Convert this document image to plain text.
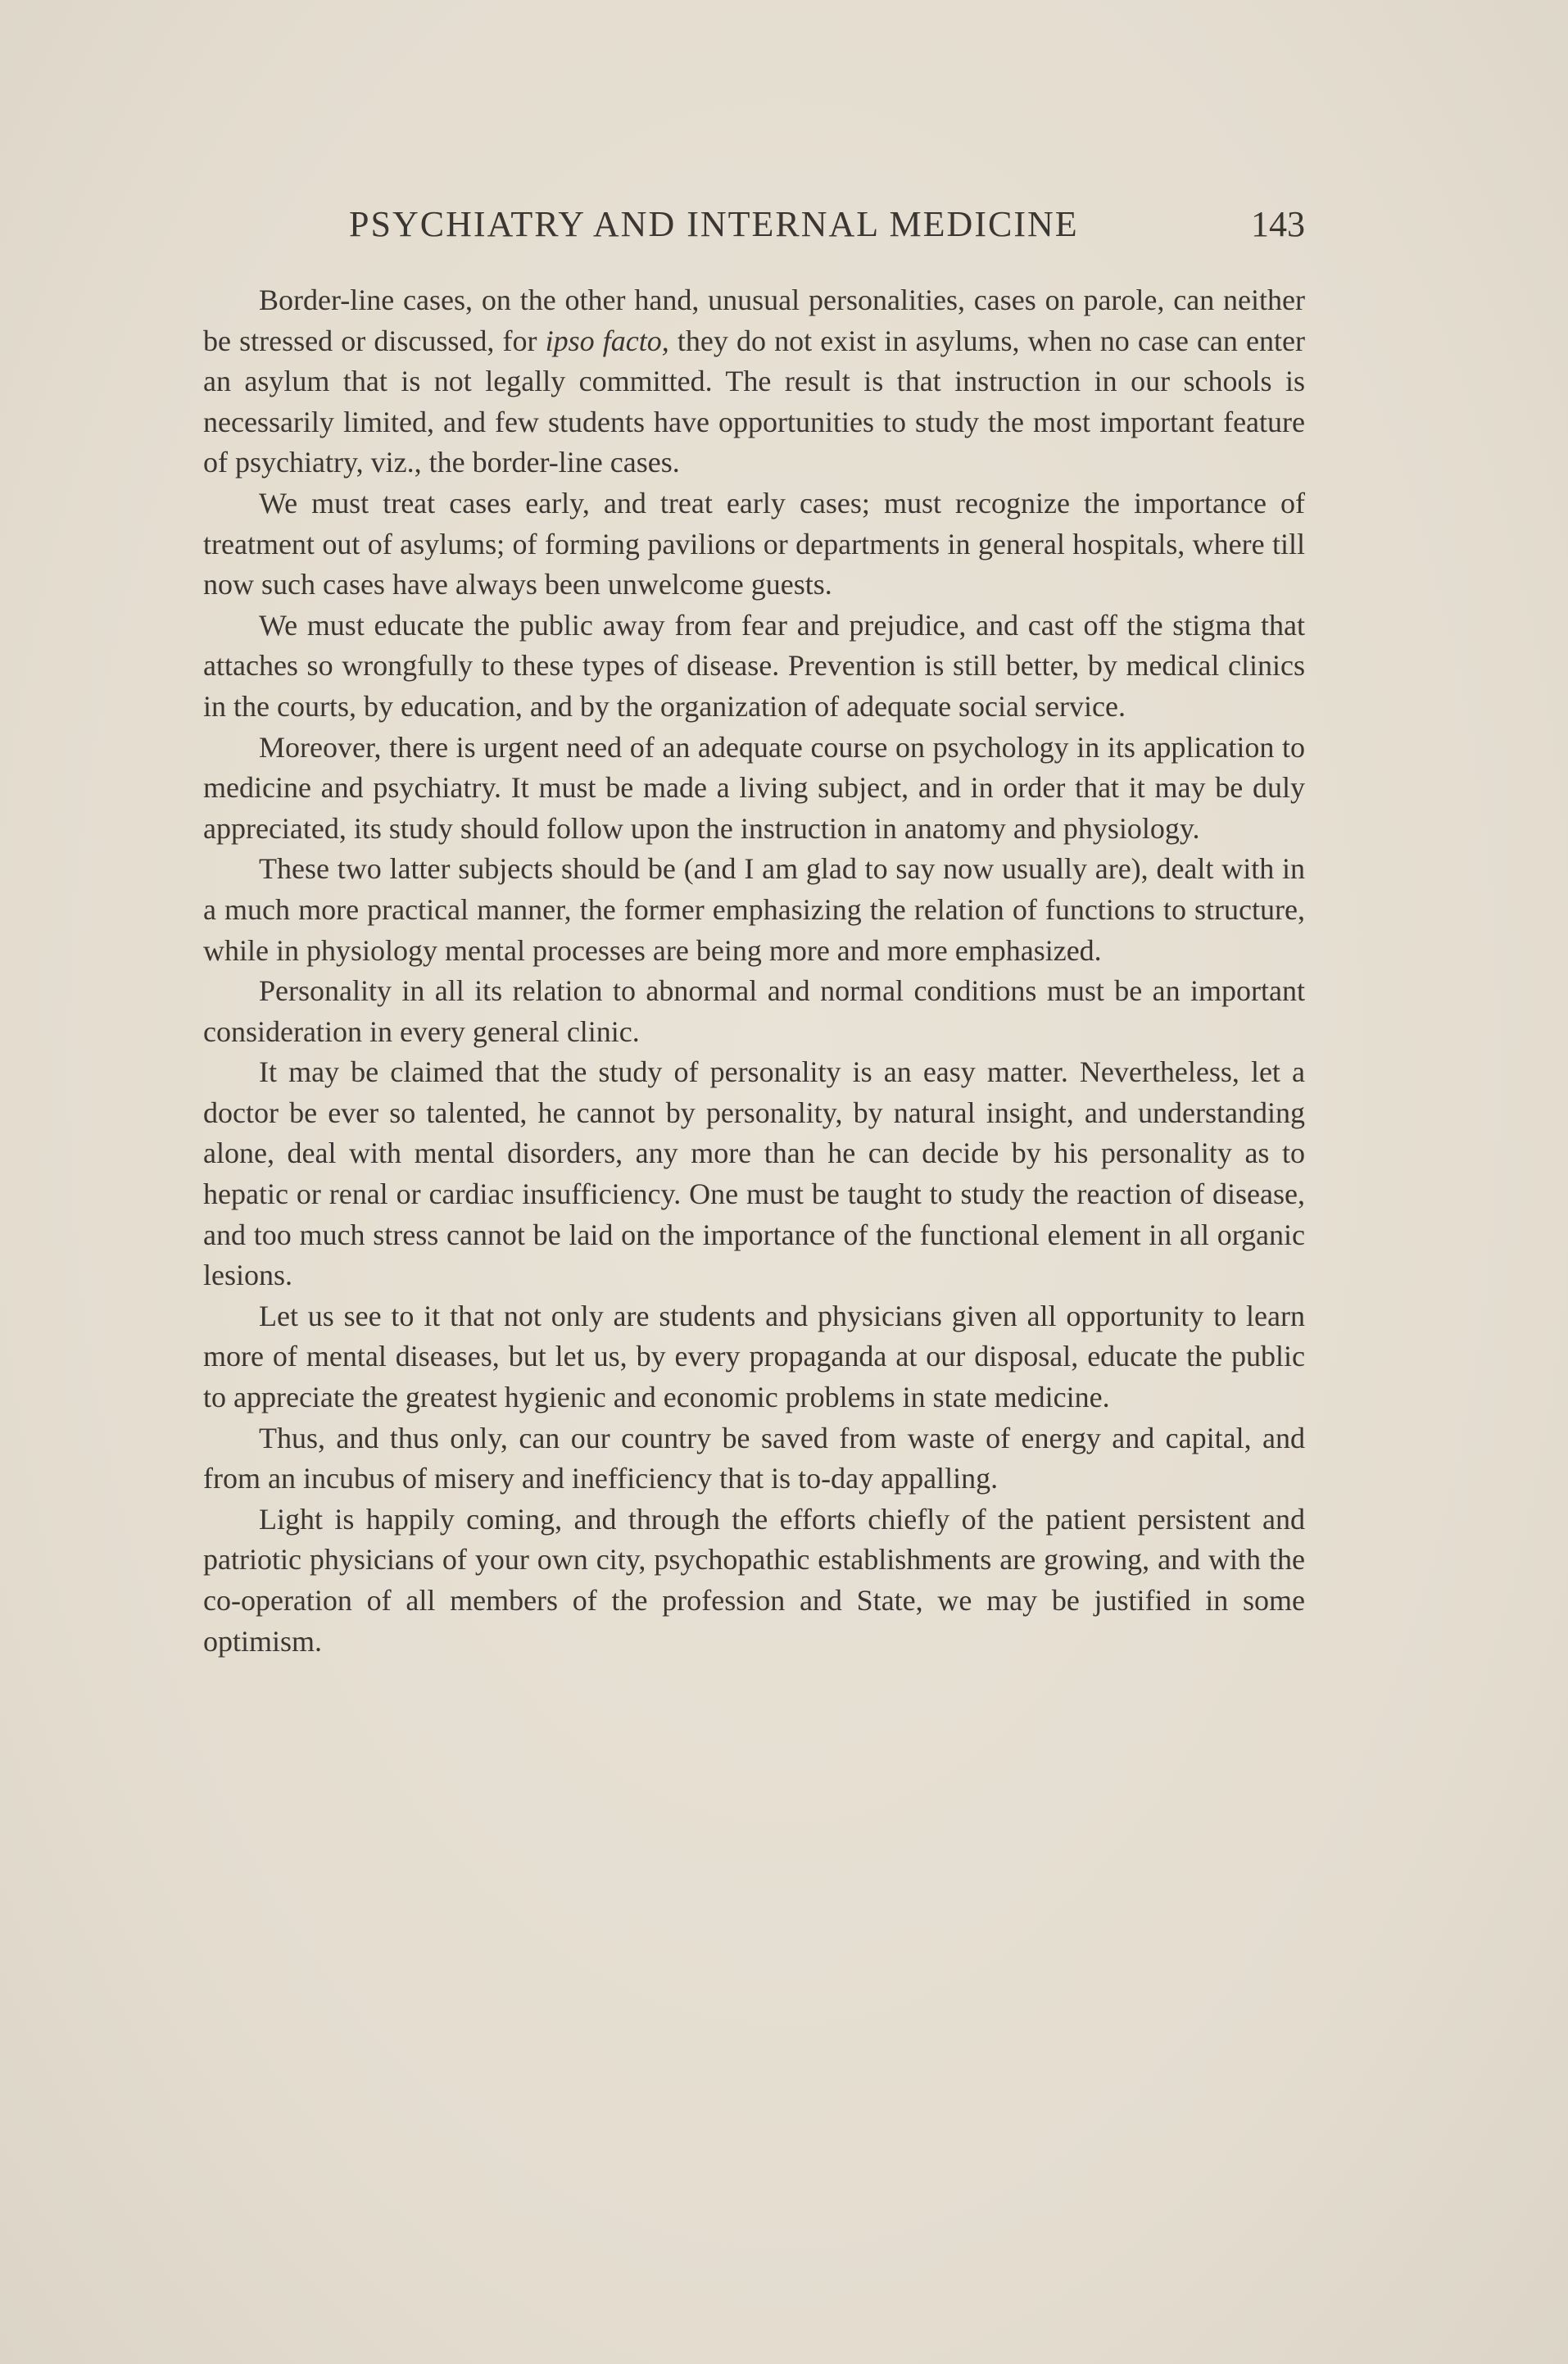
PSYCHIATRY AND INTERNAL MEDICINE	143

Border-line cases, on the other hand, unusual personalities, cases on parole, can neither be stressed or discussed, for ipso facto, they do not exist in asylums, when no case can enter an asylum that is not legally committed. The result is that instruction in our schools is necessarily limited, and few students have opportunities to study the most important feature of psychiatry, viz., the border-line cases.

We must treat cases early, and treat early cases; must recognize the importance of treatment out of asylums; of forming pavilions or departments in general hospitals, where till now such cases have always been unwelcome guests.

We must educate the public away from fear and prejudice, and cast off the stigma that attaches so wrongfully to these types of disease. Prevention is still better, by medical clinics in the courts, by education, and by the organization of adequate social service.

Moreover, there is urgent need of an adequate course on psychology in its application to medicine and psychiatry. It must be made a living subject, and in order that it may be duly appreciated, its study should follow upon the instruction in anatomy and physiology.

These two latter subjects should be (and I am glad to say now usually are), dealt with in a much more practical manner, the former emphasizing the relation of functions to structure, while in physiology mental processes are being more and more emphasized.

Personality in all its relation to abnormal and normal conditions must be an important consideration in every general clinic.

It may be claimed that the study of personality is an easy matter. Nevertheless, let a doctor be ever so talented, he cannot by personality, by natural insight, and understanding alone, deal with mental disorders, any more than he can decide by his personality as to hepatic or renal or cardiac insufficiency. One must be taught to study the reaction of disease, and too much stress cannot be laid on the importance of the functional element in all organic lesions.

Let us see to it that not only are students and physicians given all opportunity to learn more of mental diseases, but let us, by every propaganda at our disposal, educate the public to appreciate the greatest hygienic and economic problems in state medicine.

Thus, and thus only, can our country be saved from waste of energy and capital, and from an incubus of misery and inefficiency that is to-day appalling.

Light is happily coming, and through the efforts chiefly of the patient persistent and patriotic physicians of your own city, psychopathic establishments are growing, and with the co-operation of all members of the profession and State, we may be justified in some optimism.
